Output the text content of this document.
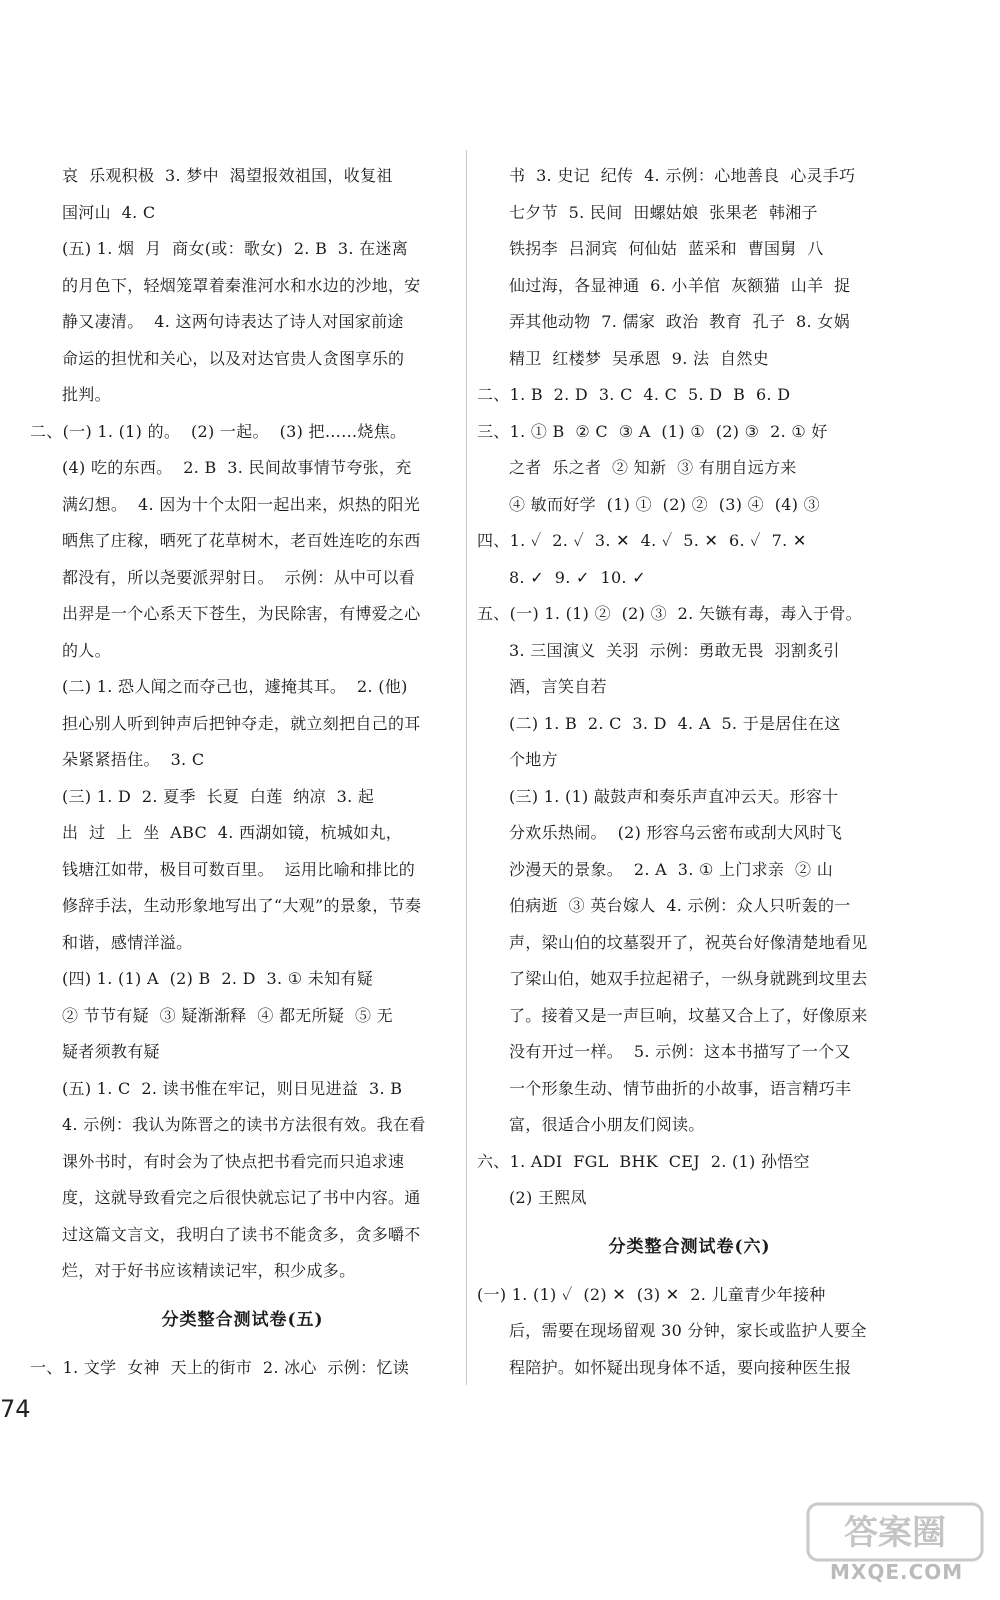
哀  乐观积极  3. 梦中  渴望报效祖国，收复祖
国河山  4. C
(五) 1. 烟  月  商女(或：歌女)  2. B  3. 在迷离
的月色下，轻烟笼罩着秦淮河水和水边的沙地，安
静又凄清。  4. 这两句诗表达了诗人对国家前途
命运的担忧和关心，以及对达官贵人贪图享乐的
批判。
二、(一) 1. (1) 的。  (2) 一起。  (3) 把……烧焦。
(4) 吃的东西。  2. B  3. 民间故事情节夸张，充
满幻想。  4. 因为十个太阳一起出来，炽热的阳光
晒焦了庄稼，晒死了花草树木，老百姓连吃的东西
都没有，所以尧要派羿射日。  示例：从中可以看
出羿是一个心系天下苍生，为民除害，有博爱之心
的人。
(二) 1. 恐人闻之而夺己也，遽掩其耳。  2. (他)
担心别人听到钟声后把钟夺走，就立刻把自己的耳
朵紧紧捂住。  3. C
(三) 1. D  2. 夏季  长夏  白莲  纳凉  3. 起
出  过  上  坐  ABC  4. 西湖如镜，杭城如丸，
钱塘江如带，极目可数百里。  运用比喻和排比的
修辞手法，生动形象地写出了“大观”的景象，节奏
和谐，感情洋溢。
(四) 1. (1) A  (2) B  2. D  3. ① 未知有疑
② 节节有疑  ③ 疑渐渐释  ④ 都无所疑  ⑤ 无
疑者须教有疑
(五) 1. C  2. 读书惟在牢记，则日见进益  3. B
4. 示例：我认为陈晋之的读书方法很有效。我在看
课外书时，有时会为了快点把书看完而只追求速
度，这就导致看完之后很快就忘记了书中内容。通
过这篇文言文，我明白了读书不能贪多，贪多嚼不
烂，对于好书应该精读记牢，积少成多。
分类整合测试卷(五)
一、1. 文学  女神  天上的街市  2. 冰心  示例：忆读
书  3. 史记  纪传  4. 示例：心地善良  心灵手巧
七夕节  5. 民间  田螺姑娘  张果老  韩湘子
铁拐李  吕洞宾  何仙姑  蓝采和  曹国舅  八
仙过海，各显神通  6. 小羊倌  灰额猫  山羊  捉
弄其他动物  7. 儒家  政治  教育  孔子  8. 女娲
精卫  红楼梦  吴承恩  9. 法  自然史
二、1. B  2. D  3. C  4. C  5. D  B  6. D
三、1. ① B  ② C  ③ A  (1) ①  (2) ③  2. ① 好
之者  乐之者  ② 知新  ③ 有朋自远方来
④ 敏而好学  (1) ①  (2) ②  (3) ④  (4) ③
四、1. ✓  2. ✓  3. ✕  4. ✓  5. ✕  6. ✓  7. ✕
8. ✓  9. ✓  10. ✓
五、(一) 1. (1) ②  (2) ③  2. 矢镞有毒，毒入于骨。
3. 三国演义  关羽  示例：勇敢无畏  羽割炙引
酒，言笑自若
(二) 1. B  2. C  3. D  4. A  5. 于是居住在这
个地方
(三) 1. (1) 敲鼓声和奏乐声直冲云天。形容十
分欢乐热闹。  (2) 形容乌云密布或刮大风时飞
沙漫天的景象。  2. A  3. ① 上门求亲  ② 山
伯病逝  ③ 英台嫁人  4. 示例：众人只听轰的一
声，梁山伯的坟墓裂开了，祝英台好像清楚地看见
了梁山伯，她双手拉起裙子，一纵身就跳到坟里去
了。接着又是一声巨响，坟墓又合上了，好像原来
没有开过一样。  5. 示例：这本书描写了一个又
一个形象生动、情节曲折的小故事，语言精巧丰
富，很适合小朋友们阅读。
六、1. ADI  FGL  BHK  CEJ  2. (1) 孙悟空
(2) 王熙凤
分类整合测试卷(六)
(一) 1. (1) ✓  (2) ✕  (3) ✕  2. 儿童青少年接种
后，需要在现场留观 30 分钟，家长或监护人要全
程陪护。如怀疑出现身体不适，要向接种医生报
74
答案圈
MXQE.COM
